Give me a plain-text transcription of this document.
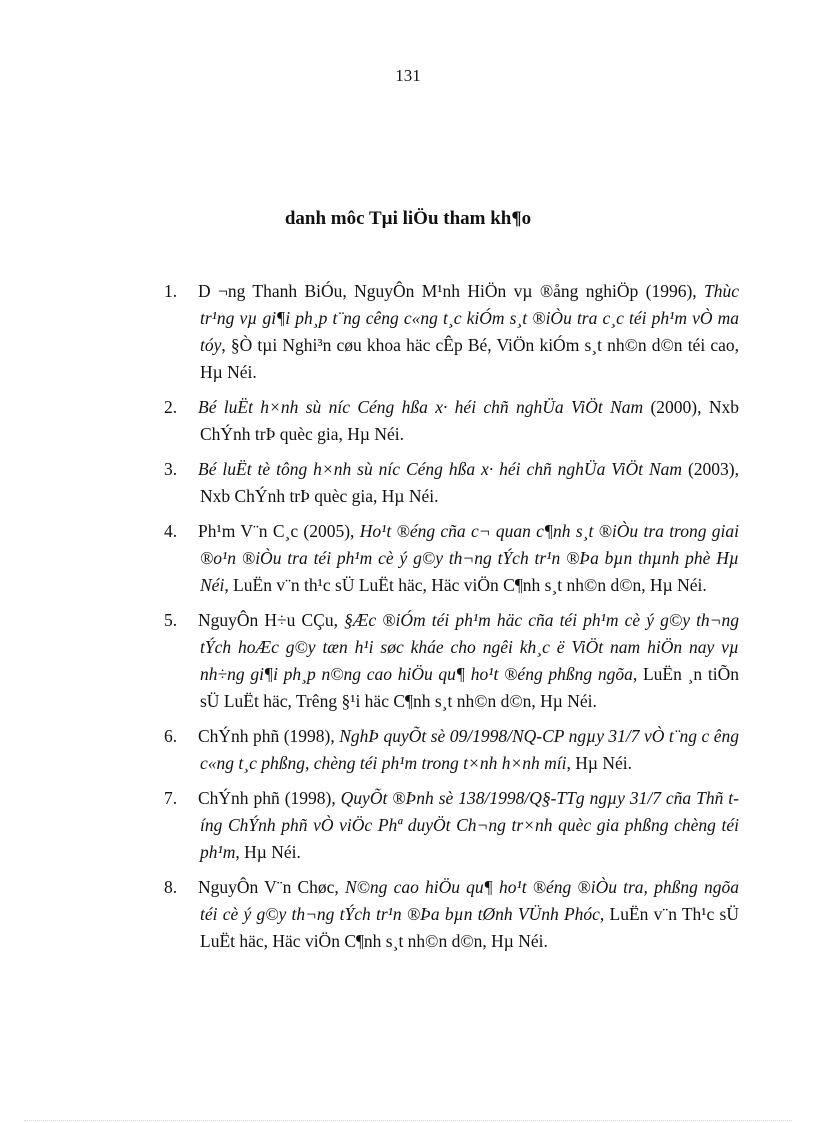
131
danh môc Tµi liÖu tham kh¶o
1. D ¬ng Thanh BiÓu, NguyÔn M¹nh HiÖn vµ ®ång nghiÖp (1996), Thùc tr¹ng vµ gi¶i ph¸p t¨ng cêng c«ng t¸c kiÓm s¸t ®iÒu tra c¸c téi ph¹m vÒ ma tóy, §Ò tµi Nghi³n cøu khoa häc cÊp Bé, ViÖn kiÓm s¸t nh©n d©n téi cao, Hµ Néi.
2. Bé luËt h×nh sù níc Céng hßa x· héi chñ nghÜa ViÖt Nam (2000), Nxb ChÝnh trÞ quèc gia, Hµ Néi.
3. Bé luËt tè tông h×nh sù níc Céng hßa x· héi chñ nghÜa ViÖt Nam (2003), Nxb ChÝnh trÞ quèc gia, Hµ Néi.
4. Ph¹m V¨n C¸c (2005), Ho¹t ®éng cña c¬ quan c¶nh s¸t ®iÒu tra trong giai ®o¹n ®iÒu tra téi ph¹m cè ý g©y th¬ng tÝch tr¹n ®Þa bµn thµnh phè Hµ Néi, LuËn v¨n th¹c sÜ LuËt häc, Häc viÖn C¶nh s¸t nh©n d©n, Hµ Néi.
5. NguyÔn H÷u CÇu, §Æc ®iÓm téi ph¹m häc cña téi ph¹m cè ý g©y th¬ng tÝch hoÆc g©y tæn h¹i søc kháe cho ngêi kh¸c ë ViÖt nam hiÖn nay vµ nh÷ng gi¶i ph¸p n©ng cao hiÖu qu¶ ho¹t ®éng phßng ngõa, LuËn ¸n tiÕn sÜ LuËt häc, Trêng §¹i häc C¶nh s¸t nh©n d©n, Hµ Néi.
6. ChÝnh phñ (1998), NghÞ quyÕt sè 09/1998/NQ-CP ngµy 31/7 vÒ t¨ng c êng c«ng t¸c phßng, chèng téi ph¹m trong t×nh h×nh míi, Hµ Néi.
7. ChÝnh phñ (1998), QuyÕt ®Þnh sè 138/1998/Q§-TTg ngµy 31/7 cña Thñ t íng ChÝnh phñ vÒ viÖc Phª duyÖt Ch¬ng tr×nh quèc gia phßng chèng téi ph¹m, Hµ Néi.
8. NguyÔn V¨n Chøc, N©ng cao hiÖu qu¶ ho¹t ®éng ®iÒu tra, phßng ngõa téi cè ý g©y th¬ng tÝch tr¹n ®Þa bµn tØnh VÜnh Phóc, LuËn v¨n Th¹c sÜ LuËt häc, Häc viÖn C¶nh s¸t nh©n d©n, Hµ Néi.
